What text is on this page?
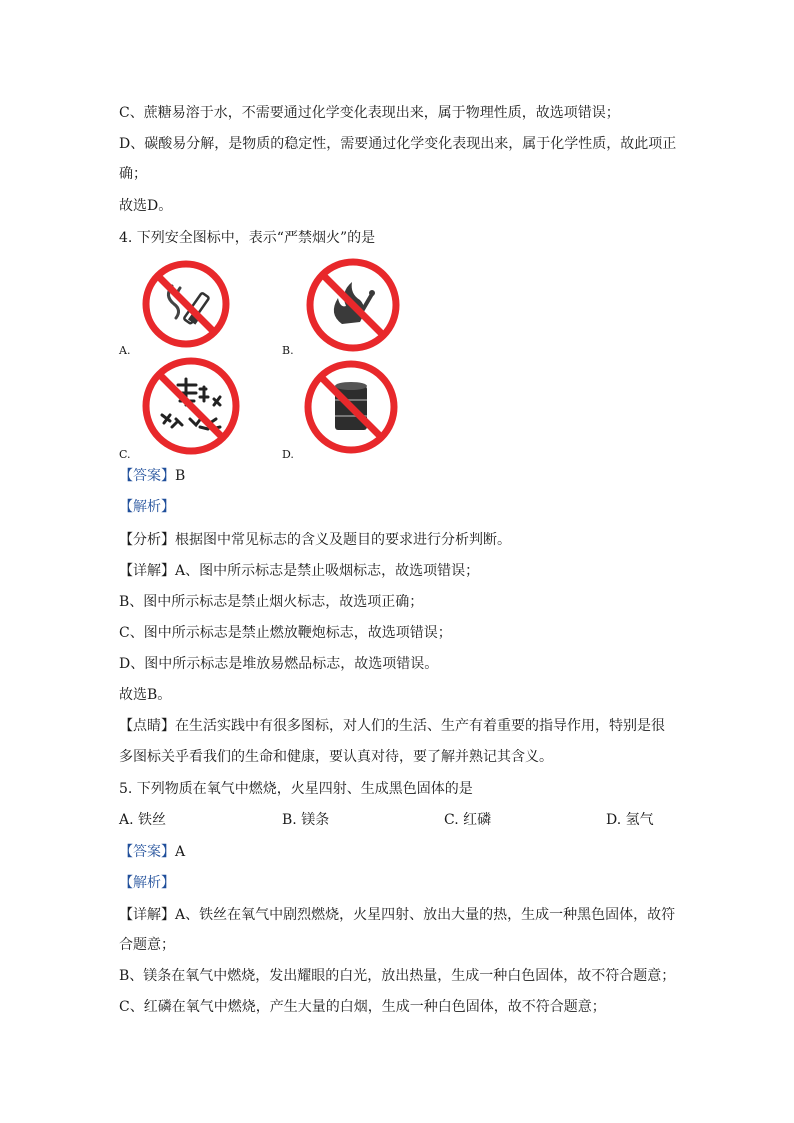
C、蔗糖易溶于水，不需要通过化学变化表现出来，属于物理性质，故选项错误；
D、碳酸易分解，是物质的稳定性，需要通过化学变化表现出来，属于化学性质，故此项正
确；
故选D。
4. 下列安全图标中，表示“严禁烟火”的是
A.	B.
C.	D.
【答案】B
【解析】
【分析】根据图中常见标志的含义及题目的要求进行分析判断。
【详解】A、图中所示标志是禁止吸烟标志，故选项错误；
B、图中所示标志是禁止烟火标志，故选项正确；
C、图中所示标志是禁止燃放鞭炮标志，故选项错误；
D、图中所示标志是堆放易燃品标志，故选项错误。
故选B。
【点睛】在生活实践中有很多图标，对人们的生活、生产有着重要的指导作用，特别是很
多图标关乎看我们的生命和健康，要认真对待，要了解并熟记其含义。
5. 下列物质在氧气中燃烧，火星四射、生成黑色固体的是
A. 铁丝	B. 镁条	C. 红磷	D. 氢气
【答案】A
【解析】
【详解】A、铁丝在氧气中剧烈燃烧，火星四射、放出大量的热，生成一种黑色固体，故符
合题意；
B、镁条在氧气中燃烧，发出耀眼的白光，放出热量，生成一种白色固体，故不符合题意；
C、红磷在氧气中燃烧，产生大量的白烟，生成一种白色固体，故不符合题意；
